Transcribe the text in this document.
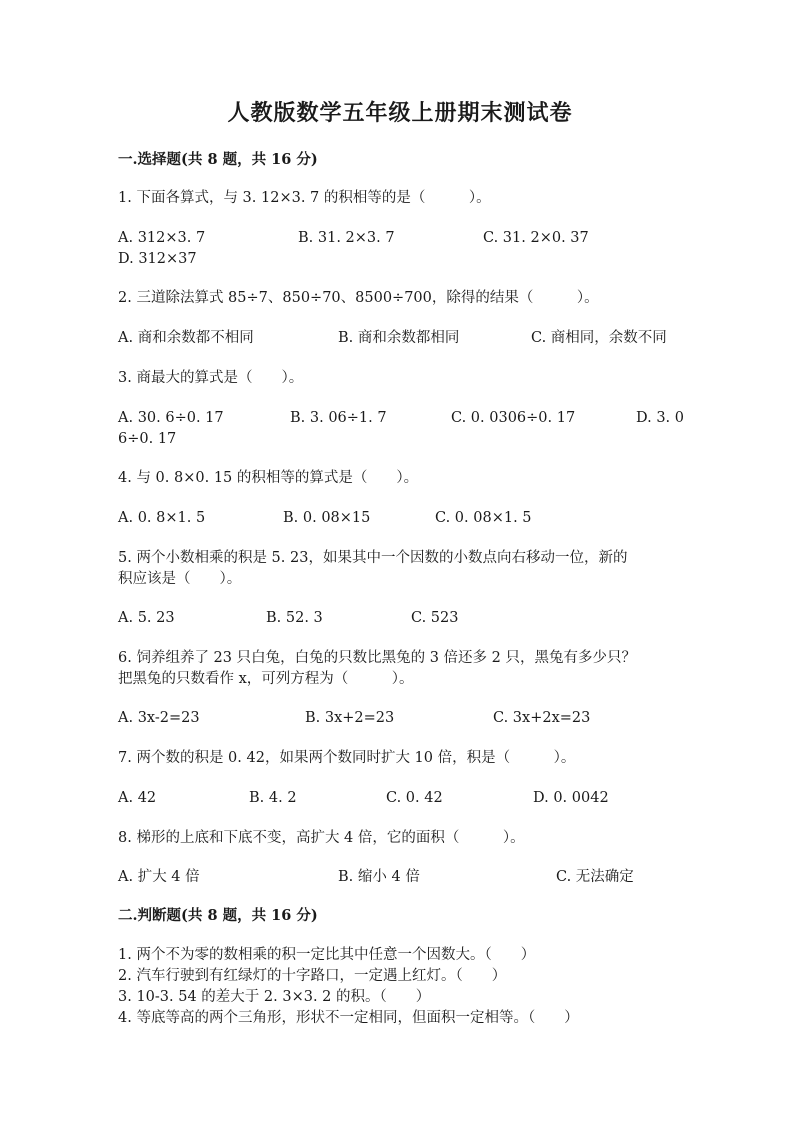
人教版数学五年级上册期末测试卷
一.选择题(共 8 题，共 16 分)
1. 下面各算式，与 3. 12×3. 7 的积相等的是（　　　）。
A. 312×3. 7	B. 31. 2×3. 7	C. 31. 2×0. 37
D. 312×37
2. 三道除法算式 85÷7、850÷70、8500÷700，除得的结果（　　　）。
A. 商和余数都不相同	B. 商和余数都相同	C. 商相同，余数不同
3. 商最大的算式是（　　）。
A. 30. 6÷0. 17	B. 3. 06÷1. 7	C. 0. 0306÷0. 17	D. 3. 0
6÷0. 17
4. 与 0. 8×0. 15 的积相等的算式是（　　）。
A. 0. 8×1. 5	B. 0. 08×15	C. 0. 08×1. 5
5. 两个小数相乘的积是 5. 23，如果其中一个因数的小数点向右移动一位，新的
积应该是（　　）。
A. 5. 23	B. 52. 3	C. 523
6. 饲养组养了 23 只白兔，白兔的只数比黑兔的 3 倍还多 2 只，黑兔有多少只？
把黑兔的只数看作 x，可列方程为（　　　）。
A. 3x-2=23	B. 3x+2=23	C. 3x+2x=23
7. 两个数的积是 0. 42，如果两个数同时扩大 10 倍，积是（　　　）。
A. 42	B. 4. 2	C. 0. 42	D. 0. 0042
8. 梯形的上底和下底不变，高扩大 4 倍，它的面积（　　　）。
A. 扩大 4 倍	B. 缩小 4 倍	C. 无法确定
二.判断题(共 8 题，共 16 分)
1. 两个不为零的数相乘的积一定比其中任意一个因数大。（　　）
2. 汽车行驶到有红绿灯的十字路口，一定遇上红灯。（　　）
3. 10-3. 54 的差大于 2. 3×3. 2 的积。（　　）
4. 等底等高的两个三角形，形状不一定相同，但面积一定相等。（　　）
